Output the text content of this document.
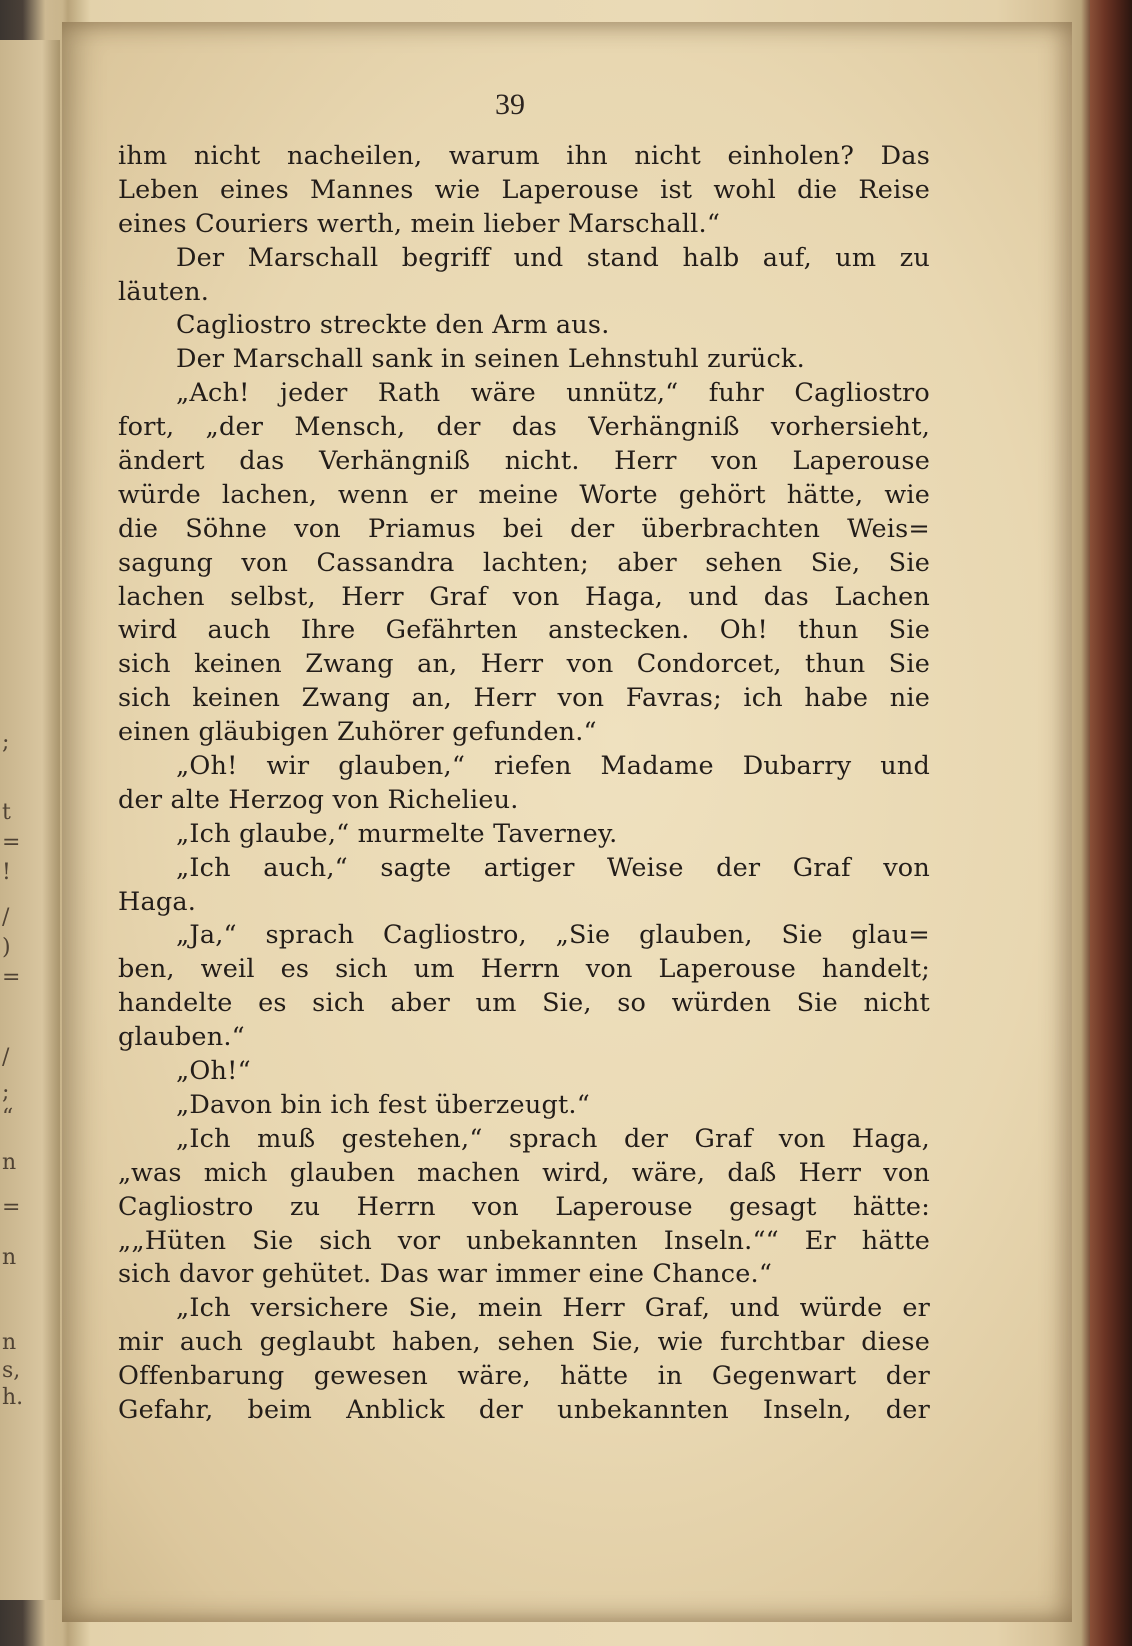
;
t
=
!
/
)
=
/
;
“
n
=
n
n
s,
h.
39
ihm nicht nacheilen, warum ihn nicht einholen? Das
Leben eines Mannes wie Laperouse ist wohl die Reise
eines Couriers werth, mein lieber Marschall.“
Der Marschall begriff und stand halb auf, um zu
läuten.
Cagliostro streckte den Arm aus.
Der Marschall sank in seinen Lehnstuhl zurück.
„Ach! jeder Rath wäre unnütz,“ fuhr Cagliostro
fort, „der Mensch, der das Verhängniß vorhersieht,
ändert das Verhängniß nicht. Herr von Laperouse
würde lachen, wenn er meine Worte gehört hätte, wie
die Söhne von Priamus bei der überbrachten Weis=
sagung von Cassandra lachten; aber sehen Sie, Sie
lachen selbst, Herr Graf von Haga, und das Lachen
wird auch Ihre Gefährten anstecken. Oh! thun Sie
sich keinen Zwang an, Herr von Condorcet, thun Sie
sich keinen Zwang an, Herr von Favras; ich habe nie
einen gläubigen Zuhörer gefunden.“
„Oh! wir glauben,“ riefen Madame Dubarry und
der alte Herzog von Richelieu.
„Ich glaube,“ murmelte Taverney.
„Ich auch,“ sagte artiger Weise der Graf von
Haga.
„Ja,“ sprach Cagliostro, „Sie glauben, Sie glau=
ben, weil es sich um Herrn von Laperouse handelt;
handelte es sich aber um Sie, so würden Sie nicht
glauben.“
„Oh!“
„Davon bin ich fest überzeugt.“
„Ich muß gestehen,“ sprach der Graf von Haga,
„was mich glauben machen wird, wäre, daß Herr von
Cagliostro zu Herrn von Laperouse gesagt hätte:
„„Hüten Sie sich vor unbekannten Inseln.““ Er hätte
sich davor gehütet. Das war immer eine Chance.“
„Ich versichere Sie, mein Herr Graf, und würde er
mir auch geglaubt haben, sehen Sie, wie furchtbar diese
Offenbarung gewesen wäre, hätte in Gegenwart der
Gefahr, beim Anblick der unbekannten Inseln, der
